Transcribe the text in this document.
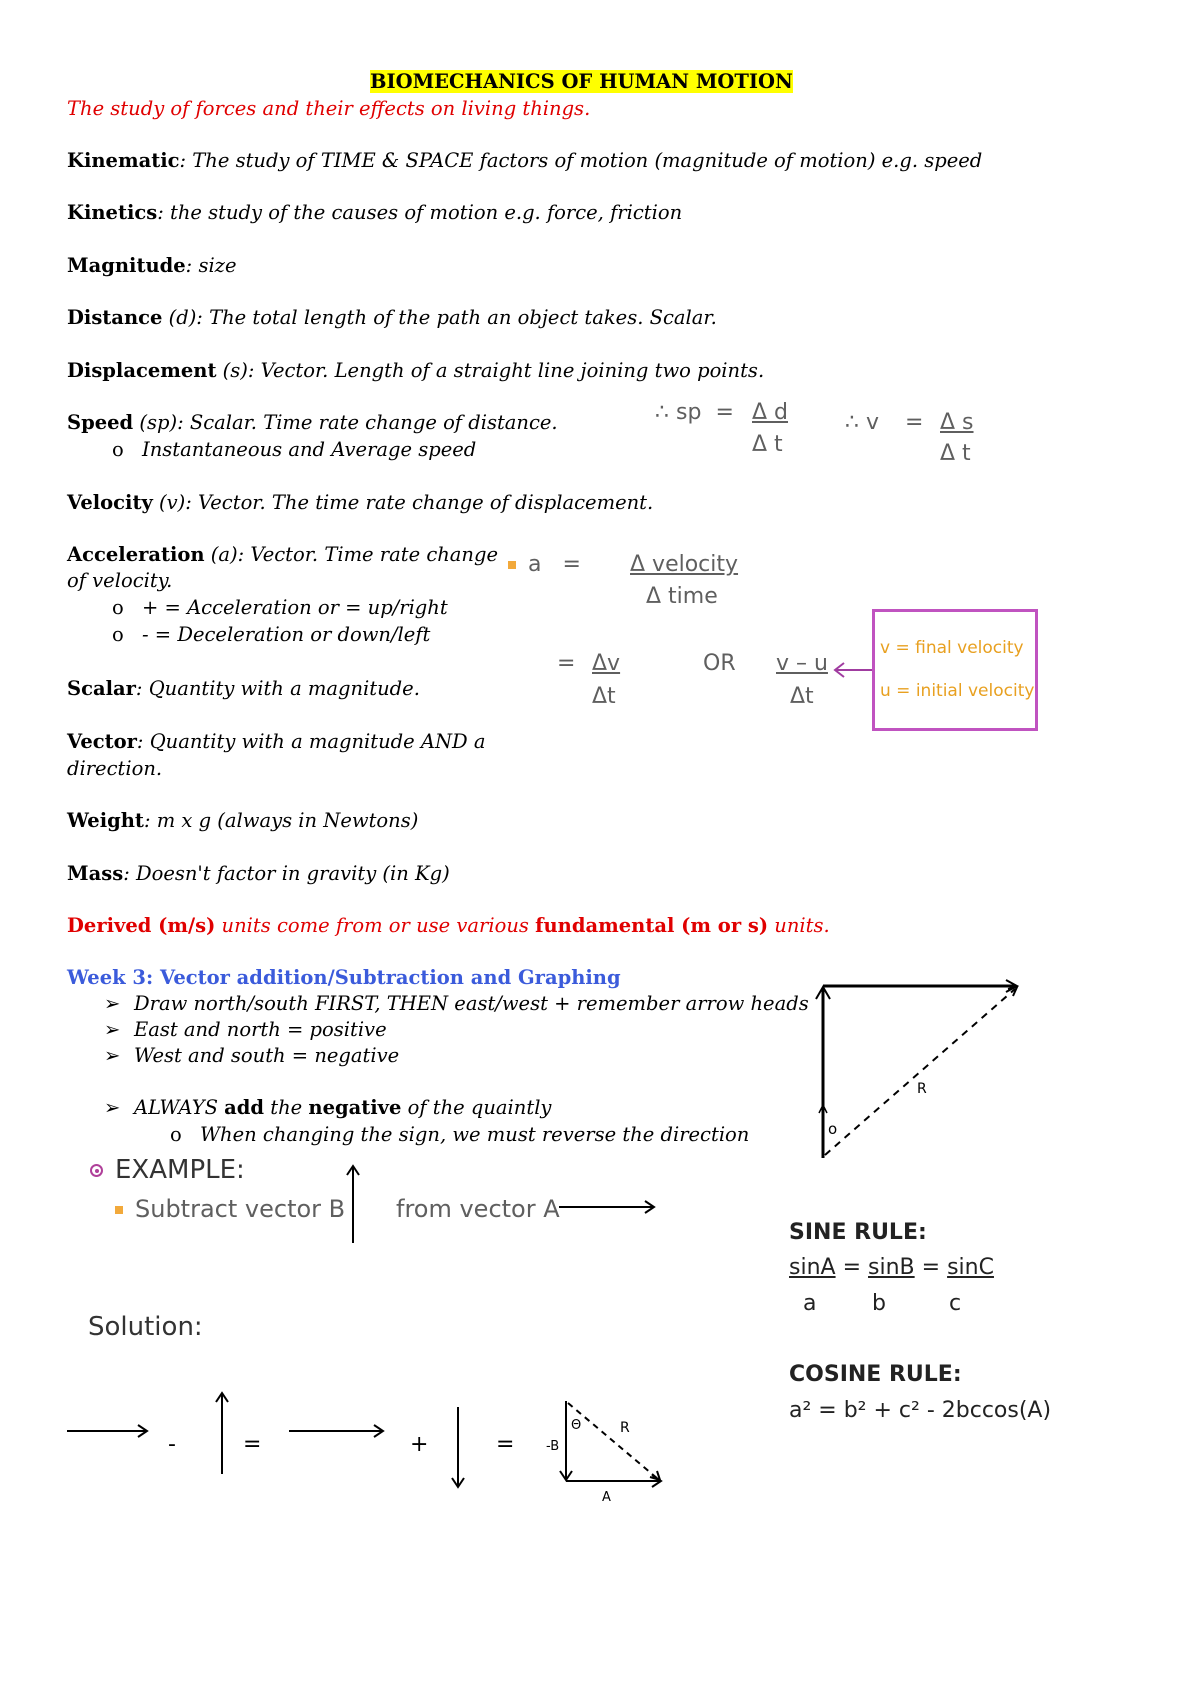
BIOMECHANICS OF HUMAN MOTION
The study of forces and their effects on living things.
Kinematic: The study of TIME & SPACE factors of motion (magnitude of motion) e.g. speed
Kinetics: the study of the causes of motion e.g. force, friction
Magnitude: size
Distance (d): The total length of the path an object takes. Scalar.
Displacement (s): Vector. Length of a straight line joining two points.
Speed (sp): Scalar. Time rate change of distance.
o Instantaneous and Average speed
Velocity (v): Vector. The time rate change of displacement.
Acceleration (a): Vector. Time rate change
of velocity.
o + = Acceleration or = up/right
o - = Deceleration or down/left
Scalar: Quantity with a magnitude.
Vector: Quantity with a magnitude AND a
direction.
Weight: m x g (always in Newtons)
Mass: Doesn't factor in gravity (in Kg)
Derived (m/s) units come from or use various fundamental (m or s) units.
Week 3: Vector addition/Subtraction and Graphing
➢ Draw north/south FIRST, THEN east/west + remember arrow heads
➢ East and north = positive
➢ West and south = negative
➢ ALWAYS add the negative of the quaintly
o When changing the sign, we must reverse the direction
∴ sp = Δ d
Δ t
∴ v = Δ s
Δ t
a = Δ velocity
Δ time
= Δv
Δt
OR v – u
Δt
v = final velocity
u = initial velocity
R
o
EXAMPLE:
Subtract vector B from vector A
SINE RULE:
sinA = sinB = sinC
a	b	c
COSINE RULE:
a² = b² + c² - 2bccos(A)
Solution:
-	=	+	= -B
Θ	R
A
